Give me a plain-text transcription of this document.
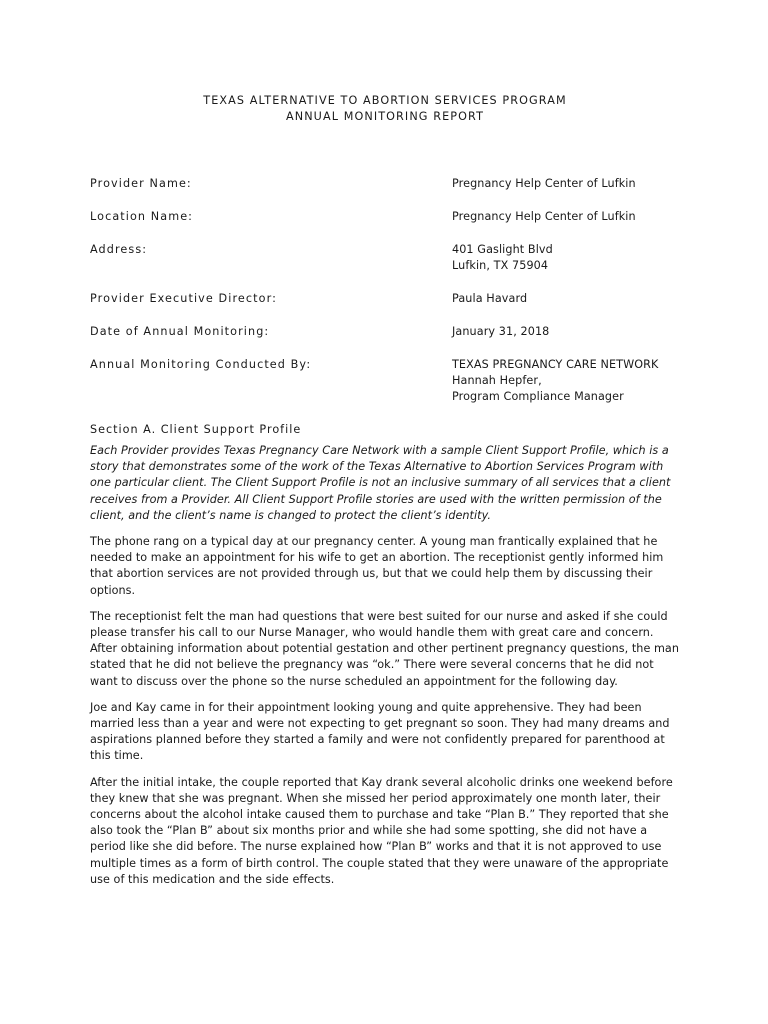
TEXAS ALTERNATIVE TO ABORTION SERVICES PROGRAM
ANNUAL MONITORING REPORT
Provider Name:	Pregnancy Help Center of Lufkin
Location Name:	Pregnancy Help Center of Lufkin
Address:	401 Gaslight Blvd
Lufkin, TX 75904
Provider Executive Director:	Paula Havard
Date of Annual Monitoring:	January 31, 2018
Annual Monitoring Conducted By:	TEXAS PREGNANCY CARE NETWORK
Hannah Hepfer,
Program Compliance Manager
Section A. Client Support Profile
Each Provider provides Texas Pregnancy Care Network with a sample Client Support Profile, which is a story that demonstrates some of the work of the Texas Alternative to Abortion Services Program with one particular client. The Client Support Profile is not an inclusive summary of all services that a client receives from a Provider. All Client Support Profile stories are used with the written permission of the client, and the client’s name is changed to protect the client’s identity.
The phone rang on a typical day at our pregnancy center. A young man frantically explained that he needed to make an appointment for his wife to get an abortion. The receptionist gently informed him that abortion services are not provided through us, but that we could help them by discussing their options.
The receptionist felt the man had questions that were best suited for our nurse and asked if she could please transfer his call to our Nurse Manager, who would handle them with great care and concern. After obtaining information about potential gestation and other pertinent pregnancy questions, the man stated that he did not believe the pregnancy was “ok.” There were several concerns that he did not want to discuss over the phone so the nurse scheduled an appointment for the following day.
Joe and Kay came in for their appointment looking young and quite apprehensive. They had been married less than a year and were not expecting to get pregnant so soon. They had many dreams and aspirations planned before they started a family and were not confidently prepared for parenthood at this time.
After the initial intake, the couple reported that Kay drank several alcoholic drinks one weekend before they knew that she was pregnant. When she missed her period approximately one month later, their concerns about the alcohol intake caused them to purchase and take “Plan B.” They reported that she also took the “Plan B” about six months prior and while she had some spotting, she did not have a period like she did before. The nurse explained how “Plan B” works and that it is not approved to use multiple times as a form of birth control. The couple stated that they were unaware of the appropriate use of this medication and the side effects.
